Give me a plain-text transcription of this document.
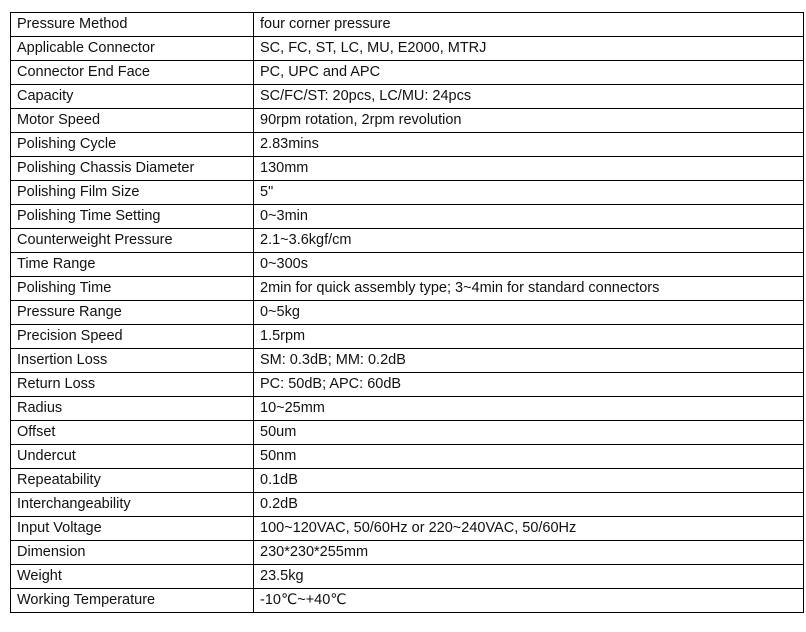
Pressure Method	four corner pressure
Applicable Connector	SC, FC, ST, LC, MU, E2000, MTRJ
Connector End Face	PC, UPC and APC
Capacity	SC/FC/ST: 20pcs, LC/MU: 24pcs
Motor Speed	90rpm rotation, 2rpm revolution
Polishing Cycle	2.83mins
Polishing Chassis Diameter	130mm
Polishing Film Size	5"
Polishing Time Setting	0~3min
Counterweight Pressure	2.1~3.6kgf/cm
Time Range	0~300s
Polishing Time	2min for quick assembly type; 3~4min for standard connectors
Pressure Range	0~5kg
Precision Speed	1.5rpm
Insertion Loss	SM: 0.3dB; MM: 0.2dB
Return Loss	PC: 50dB; APC: 60dB
Radius	10~25mm
Offset	50um
Undercut	50nm
Repeatability	0.1dB
Interchangeability	0.2dB
Input Voltage	100~120VAC, 50/60Hz or 220~240VAC, 50/60Hz
Dimension	230*230*255mm
Weight	23.5kg
Working Temperature	-10℃~+40℃
